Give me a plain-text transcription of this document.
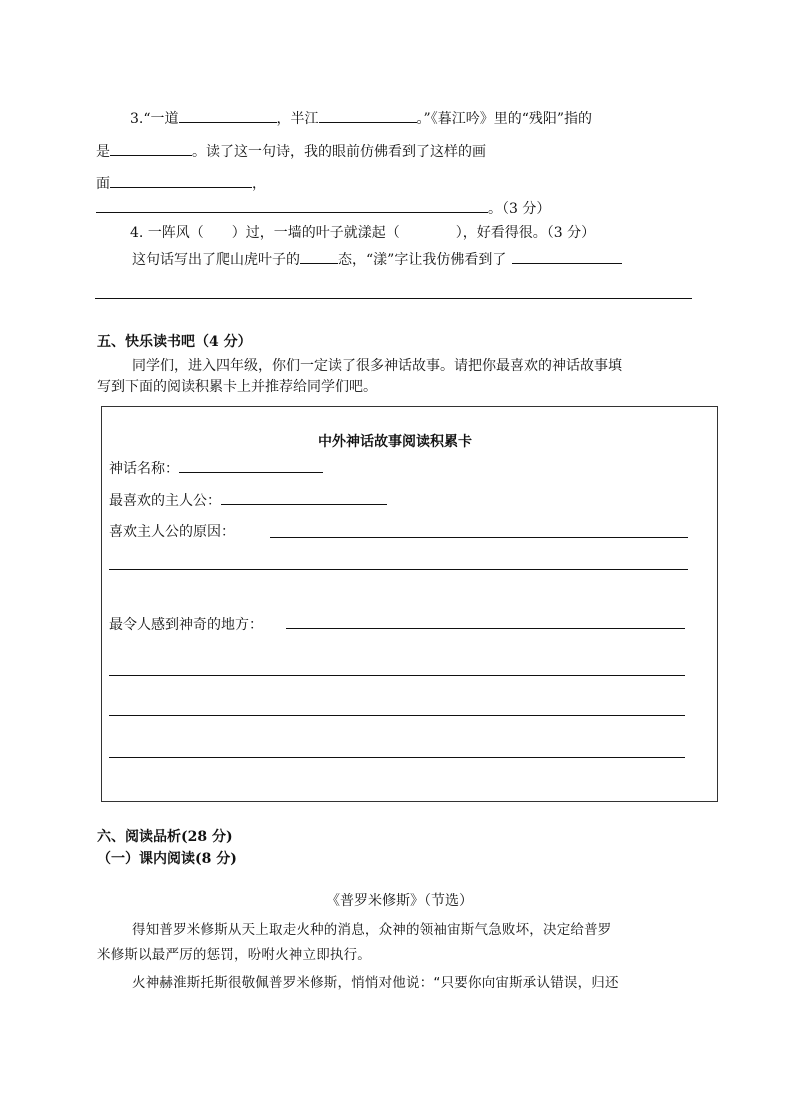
3.“一道	，半江	。”《暮江吟》里的“残阳”指的
是	。读了这一句诗，我的眼前仿佛看到了这样的画
面	，
。（3 分）
4. 一阵风（　　）过，一墙的叶子就漾起（　　　　），好看得很。（3 分）
这句话写出了爬山虎叶子的	态，“漾”字让我仿佛看到了
五、快乐读书吧（4 分）
同学们，进入四年级，你们一定读了很多神话故事。请把你最喜欢的神话故事填
写到下面的阅读积累卡上并推荐给同学们吧。
中外神话故事阅读积累卡
神话名称：
最喜欢的主人公：
喜欢主人公的原因：
最令人感到神奇的地方：
六、阅读品析(28 分)
（一）课内阅读(8 分)
《普罗米修斯》（节选）
得知普罗米修斯从天上取走火种的消息，众神的领袖宙斯气急败坏，决定给普罗
米修斯以最严厉的惩罚，吩咐火神立即执行。
火神赫淮斯托斯很敬佩普罗米修斯，悄悄对他说：“只要你向宙斯承认错误，归还
